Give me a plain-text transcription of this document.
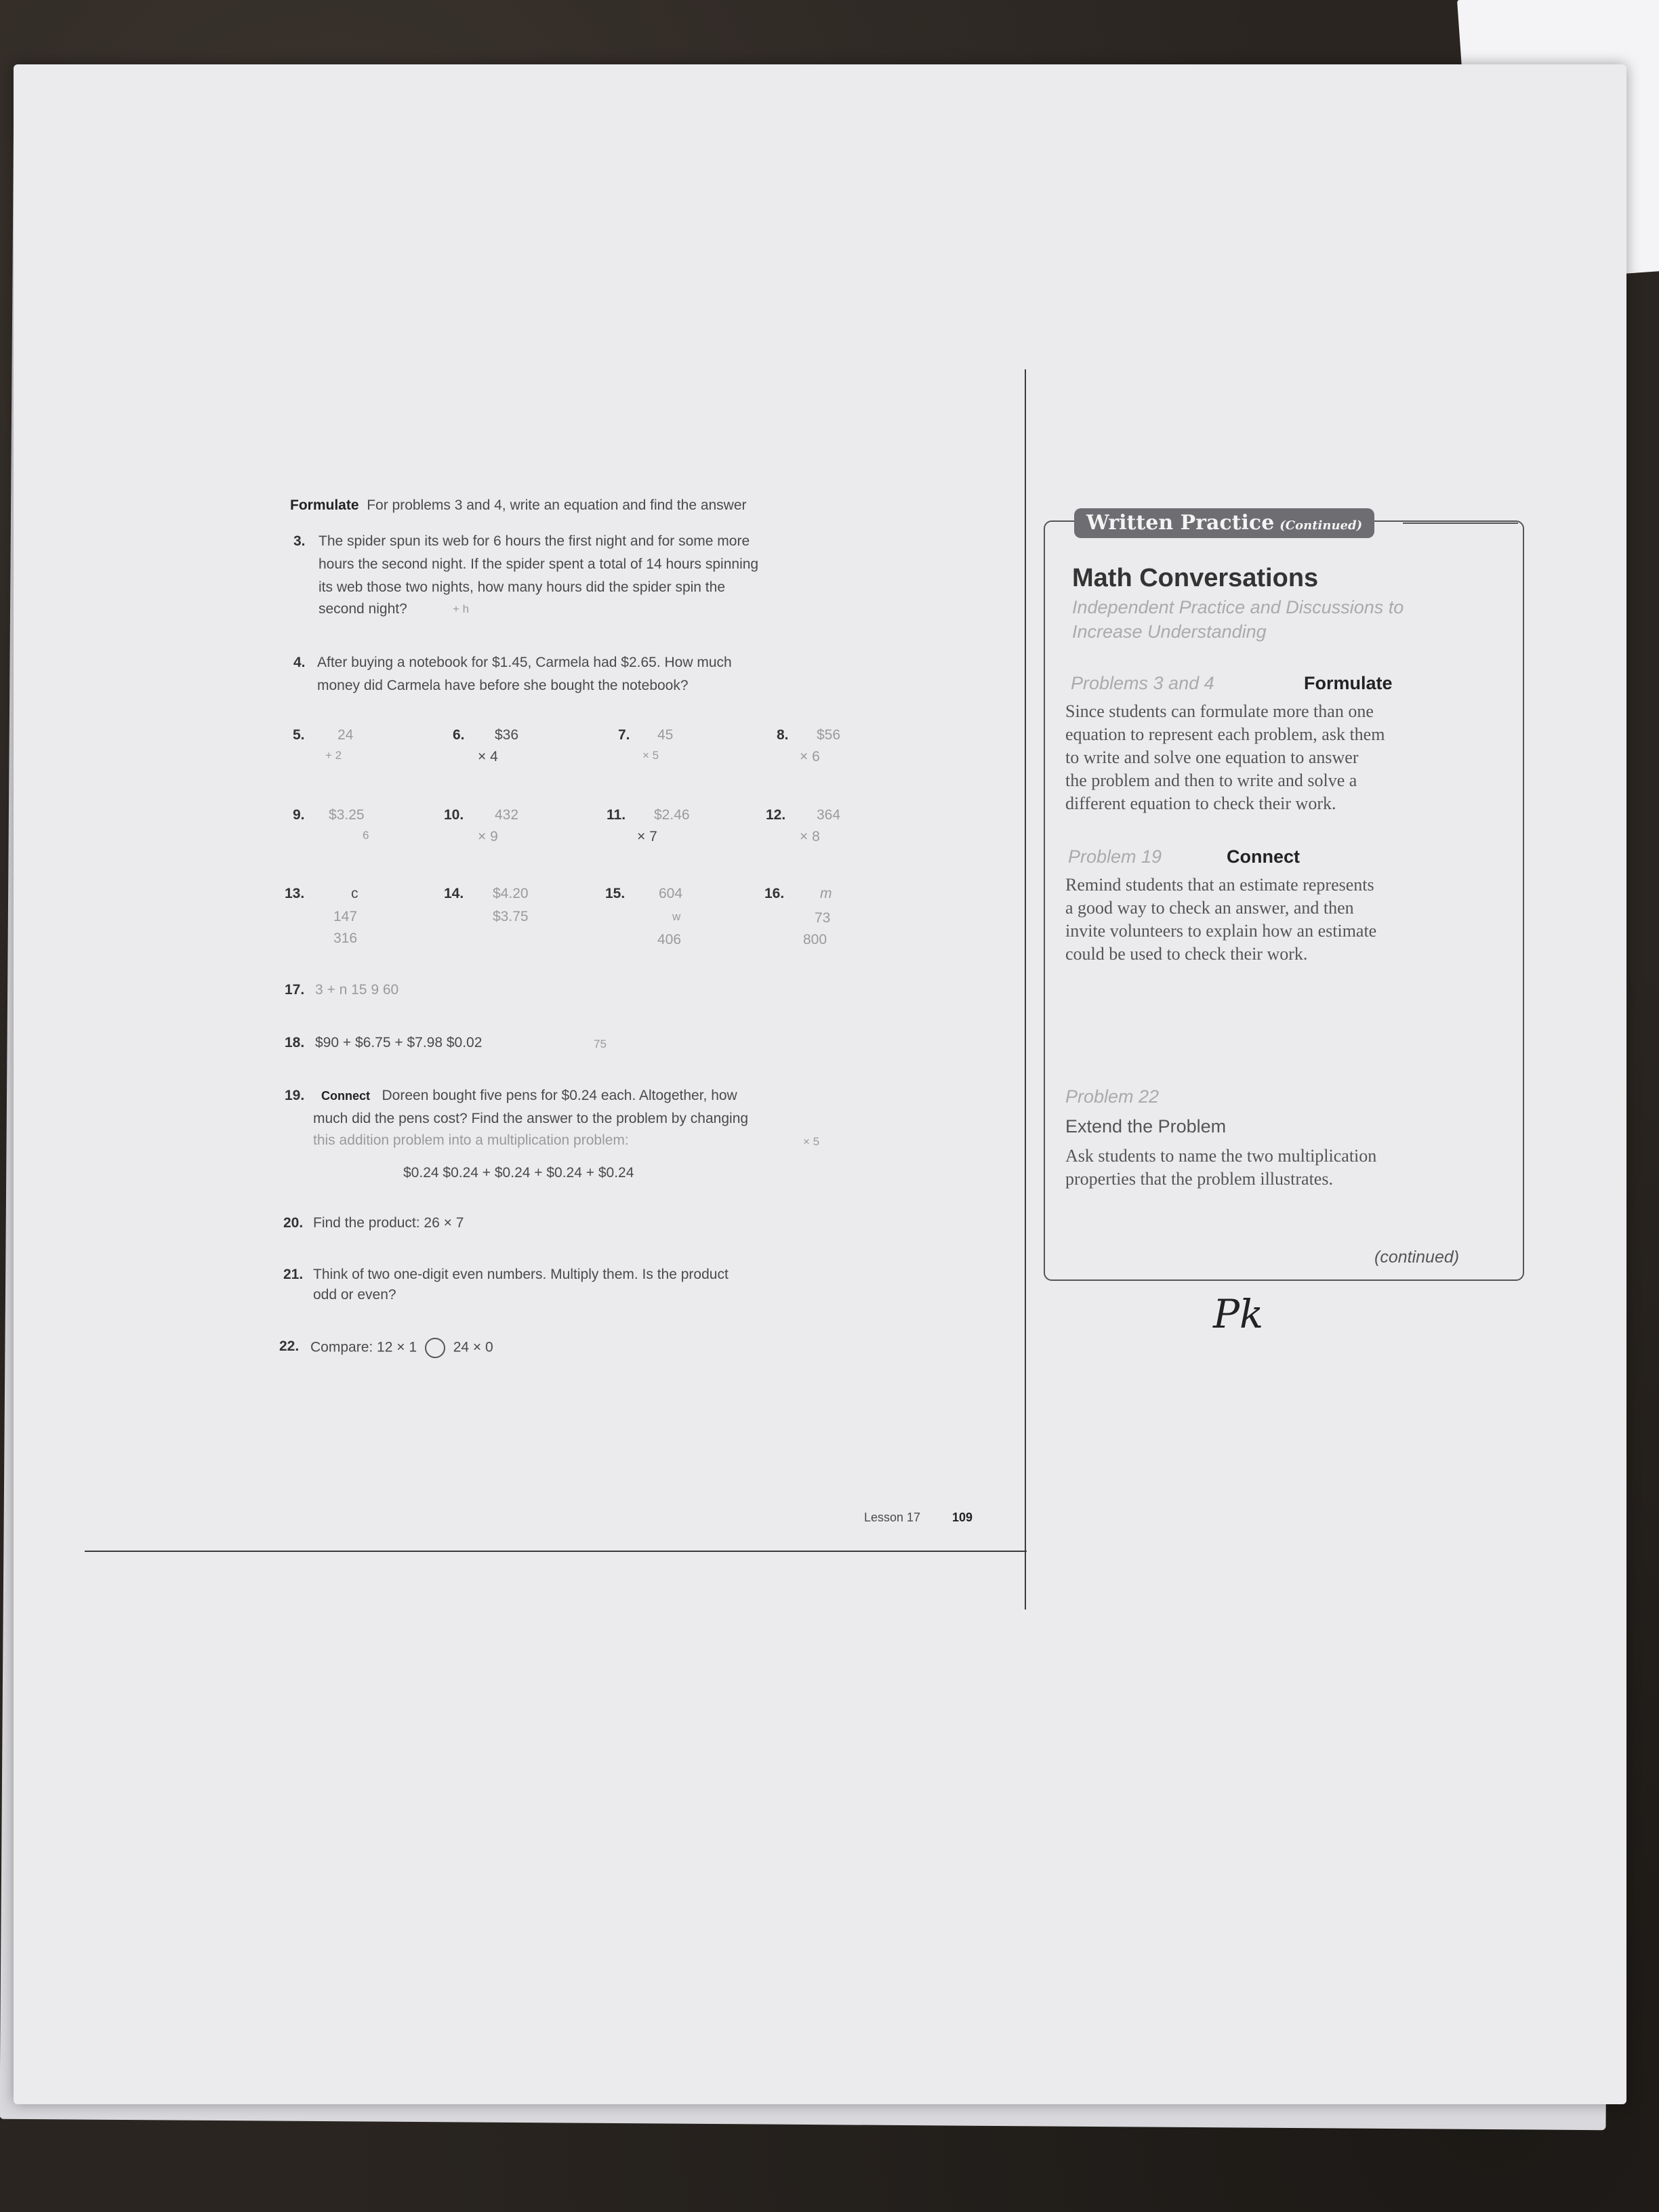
Formulate For problems 3 and 4, write an equation and find the answer
3. The spider spun its web for 6 hours the first night and for some more
hours the second night. If the spider spent a total of 14 hours spinning
its web those two nights, how many hours did the spider spin the
second night?	+ h
4. After buying a notebook for $1.45, Carmela had $2.65. How much
money did Carmela have before she bought the notebook?
5. 24
+ 2
6. $36
× 4
7. 45
× 5
8. $56
× 6
9. $3.25
6
10. 432
× 9
11. $2.46
× 7
12. 364
× 8
13.	c
147
316
14. $4.20
$3.75
15. 604
w
406
16.	m
73
800
17. 3 + n 15 9 60
18. $90 + $6.75 + $7.98 $0.02	75
19. Connect Doreen bought five pens for $0.24 each. Altogether, how
much did the pens cost? Find the answer to the problem by changing
this addition problem into a multiplication problem:	× 5
$0.24 $0.24 + $0.24 + $0.24 + $0.24
20. Find the product: 26 × 7
21. Think of two one-digit even numbers. Multiply them. Is the product
odd or even?
22. Compare: 12 × 1	24 × 0
Lesson 17	109
Written Practice (Continued)
Math Conversations
Independent Practice and Discussions to
Increase Understanding
Problems 3 and 4	Formulate
Since students can formulate more than one
equation to represent each problem, ask them
to write and solve one equation to answer
the problem and then to write and solve a
different equation to check their work.
Problem 19	Connect
Remind students that an estimate represents
a good way to check an answer, and then
invite volunteers to explain how an estimate
could be used to check their work.
Problem 22
Extend the Problem
Ask students to name the two multiplication
properties that the problem illustrates.
(continued)
Pk
